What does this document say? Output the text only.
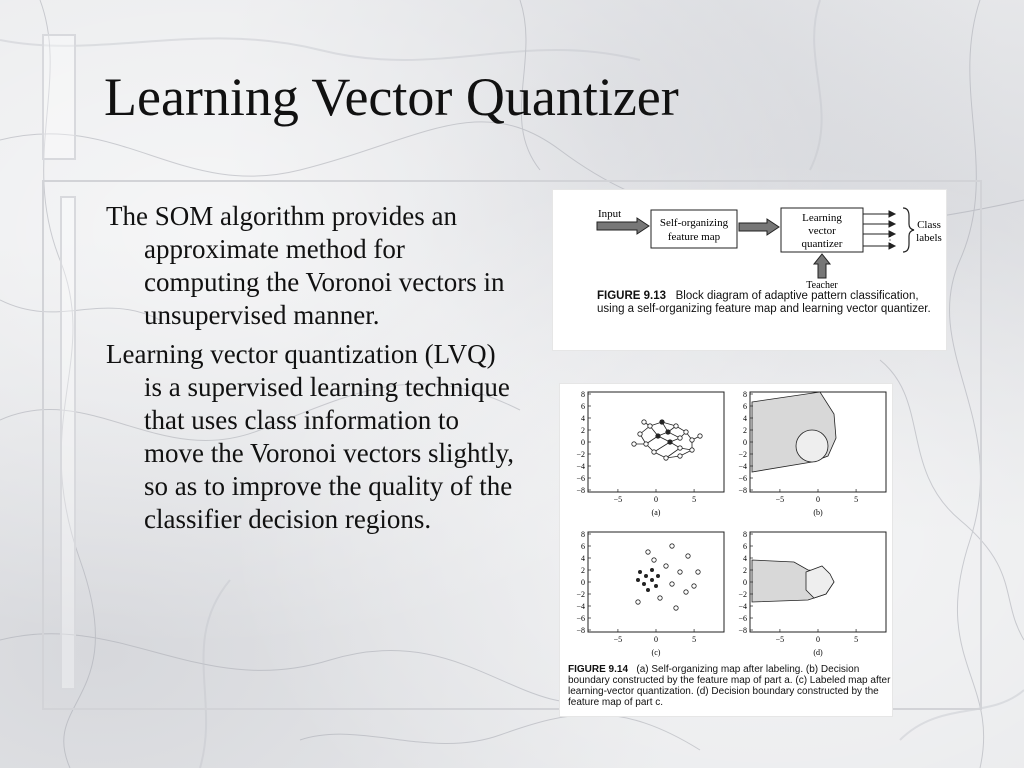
Learning Vector Quantizer

The SOM algorithm provides an approximate method for computing the Voronoi vectors in unsupervised manner.

Learning vector quantization (LVQ) is a supervised learning technique that uses class information to move the Voronoi vectors slightly, so as to improve the quality of the classifier decision regions.

Input
Self-organizing
feature map
Learning
vector
quantizer	⋮
Class
labels
Teacher
FIGURE 9.13 Block diagram of adaptive pattern classification, using a self-organizing feature map and learning vector quantizer.
8
6
4
2
0
−2
−4
−6
−8
−5	0	5
(a)
8
6
4
2
0
−2
−4
−6
−8
−5	0	5
(b)
8
6
4
2
0
−2
−4
−6
−8
−5	0	5
(c)
8
6
4
2
0
−2
−4
−6
−8
−5	0	5
(d)
FIGURE 9.14 (a) Self-organizing map after labeling. (b) Decision boundary constructed by the feature map of part a. (c) Labeled map after learning-vector quantization. (d) Decision boundary constructed by the feature map of part c.
